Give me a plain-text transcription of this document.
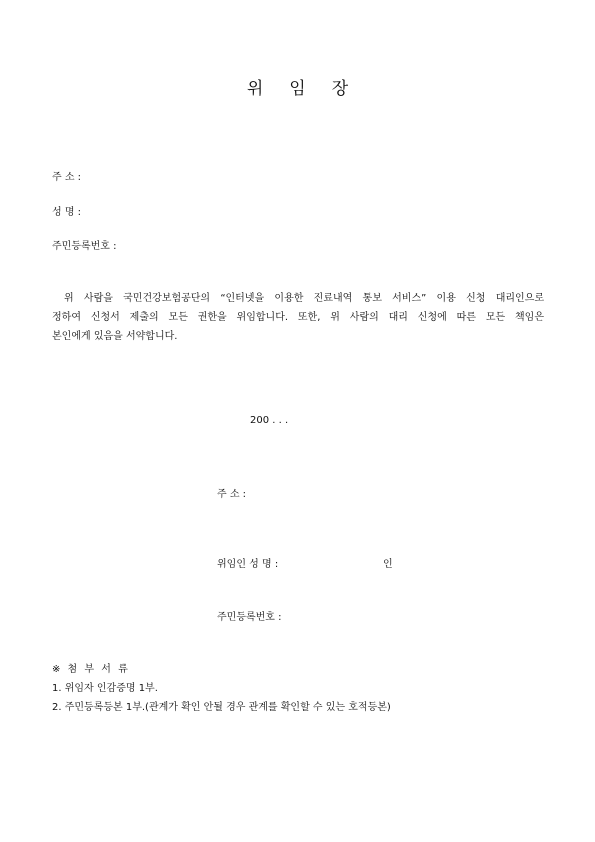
위임장
주 소 :
성 명 :
주민등록번호 :
위 사람을 국민건강보험공단의 “인터넷을 이용한 진료내역 통보 서비스” 이용 신청 대리인으로
정하여 신청서 제출의 모든 권한을 위임합니다. 또한, 위 사람의 대리 신청에 따른 모든 책임은
본인에게 있음을 서약합니다.
200 . . .
주 소 :
위임인 성 명 :	인
주민등록번호 :
※ 첨 부 서 류
1. 위임자 인감증명 1부.
2. 주민등록등본 1부.(관계가 확인 안될 경우 관계를 확인할 수 있는 호적등본)
